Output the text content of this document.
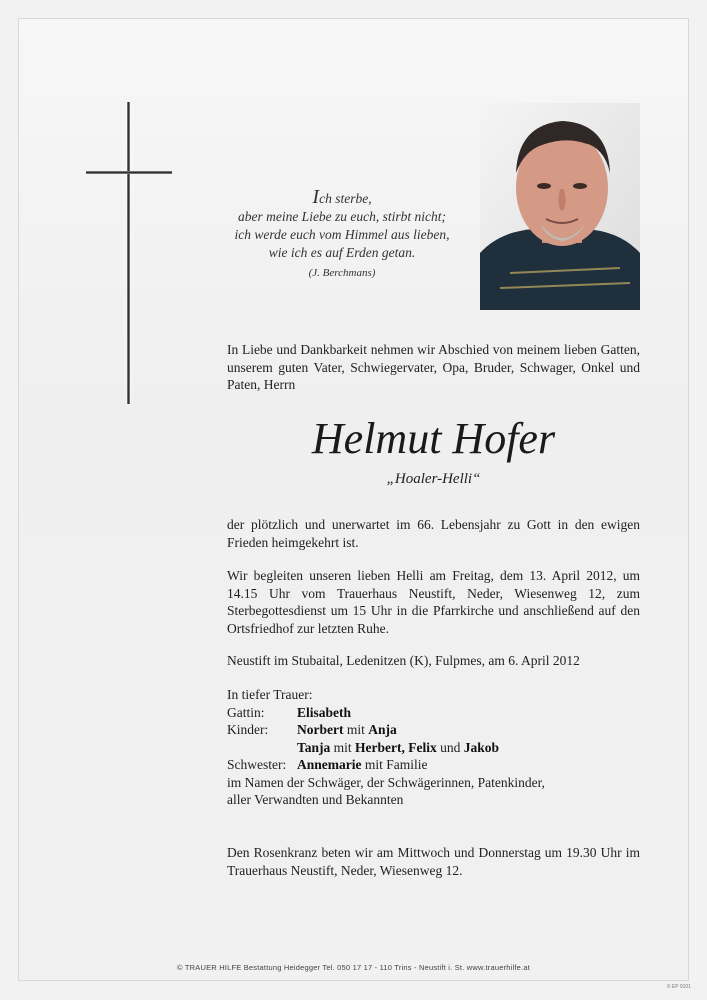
Ich sterbe,
aber meine Liebe zu euch, stirbt nicht;
ich werde euch vom Himmel aus lieben,
wie ich es auf Erden getan.
(J. Berchmans)
In Liebe und Dankbarkeit nehmen wir Abschied von meinem lieben Gatten, unserem guten Vater, Schwiegervater, Opa, Bruder, Schwager, Onkel und Paten, Herrn
Helmut Hofer
„Hoaler-Helli“
der plötzlich und unerwartet im 66. Lebensjahr zu Gott in den ewigen Frieden heimgekehrt ist.
Wir begleiten unseren lieben Helli am Freitag, dem 13. April 2012, um 14.15 Uhr vom Trauerhaus Neustift, Neder, Wiesenweg 12, zum Sterbegottesdienst um 15 Uhr in die Pfarrkirche und anschließend auf den Ortsfriedhof zur letzten Ruhe.
Neustift im Stubaital, Ledenitzen (K), Fulpmes, am 6. April 2012
In tiefer Trauer:
Gattin:	Elisabeth
Kinder:	Norbert mit Anja
Tanja mit Herbert, Felix und Jakob
Schwester: Annemarie mit Familie
im Namen der Schwäger, der Schwägerinnen, Patenkinder,
aller Verwandten und Bekannten
Den Rosenkranz beten wir am Mittwoch und Donnerstag um 19.30 Uhr im Trauerhaus Neustift, Neder, Wiesenweg 12.
© TRAUER HILFE Bestattung Heidegger Tel. 050 17 17 - 110 Trins - Neustift i. St. www.trauerhilfe.at
© EP 9101
